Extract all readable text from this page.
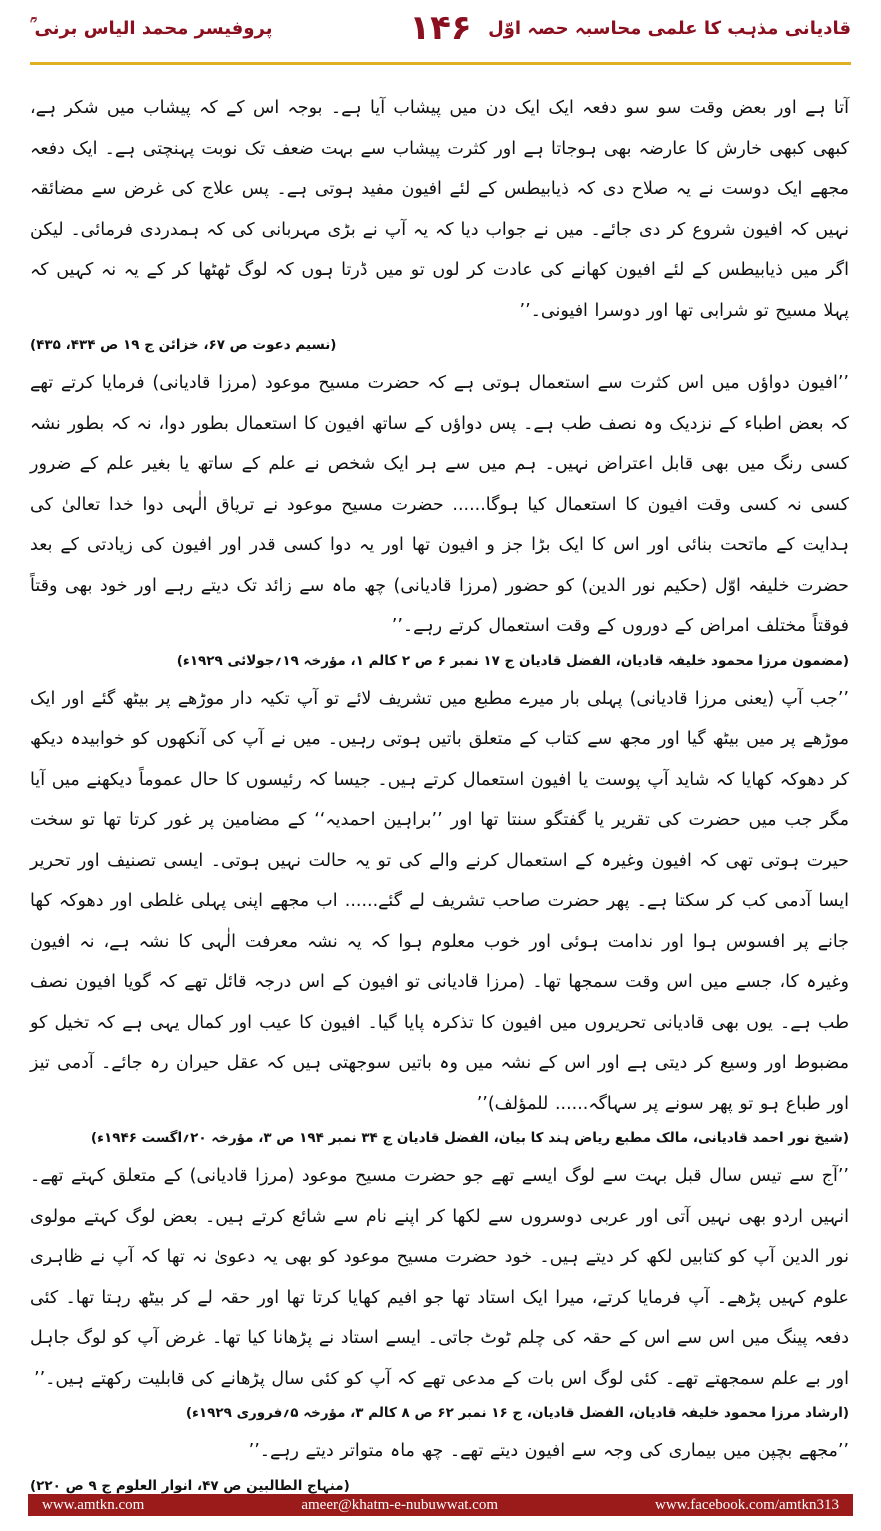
قادیانی مذہب کا علمی محاسبہ حصہ اوّل
۱۴۶
پروفیسر محمد الیاس برنی ؒ

آتا ہے اور بعض وقت سو سو دفعہ ایک ایک دن میں پیشاب آیا ہے۔ بوجہ اس کے کہ پیشاب میں شکر ہے، کبھی کبھی خارش کا عارضہ بھی ہوجاتا ہے اور کثرت پیشاب سے بہت ضعف تک نوبت پہنچتی ہے۔ ایک دفعہ مجھے ایک دوست نے یہ صلاح دی کہ ذیابیطس کے لئے افیون مفید ہوتی ہے۔ پس علاج کی غرض سے مضائقہ نہیں کہ افیون شروع کر دی جائے۔ میں نے جواب دیا کہ یہ آپ نے بڑی مہربانی کی کہ ہمدردی فرمائی۔ لیکن اگر میں ذیابیطس کے لئے افیون کھانے کی عادت کر لوں تو میں ڈرتا ہوں کہ لوگ ٹھٹھا کر کے یہ نہ کہیں کہ پہلا مسیح تو شرابی تھا اور دوسرا افیونی۔’’

(نسیم دعوت ص ۶۷، خزائن ج ۱۹ ص ۴۳۴، ۴۳۵)

’’افیون دواؤں میں اس کثرت سے استعمال ہوتی ہے کہ حضرت مسیح موعود (مرزا قادیانی) فرمایا کرتے تھے کہ بعض اطباء کے نزدیک وہ نصف طب ہے۔ پس دواؤں کے ساتھ افیون کا استعمال بطور دوا، نہ کہ بطور نشہ کسی رنگ میں بھی قابل اعتراض نہیں۔ ہم میں سے ہر ایک شخص نے علم کے ساتھ یا بغیر علم کے ضرور کسی نہ کسی وقت افیون کا استعمال کیا ہوگا...... حضرت مسیح موعود نے تریاق الٰہی دوا خدا تعالیٰ کی ہدایت کے ماتحت بنائی اور اس کا ایک بڑا جز و افیون تھا اور یہ دوا کسی قدر اور افیون کی زیادتی کے بعد حضرت خلیفہ اوّل (حکیم نور الدین) کو حضور (مرزا قادیانی) چھ ماہ سے زائد تک دیتے رہے اور خود بھی وقتاً فوقتاً مختلف امراض کے دوروں کے وقت استعمال کرتے رہے۔’’

(مضمون مرزا محمود خلیفہ قادیان، الفضل قادیان ج ۱۷ نمبر ۶ ص ۲ کالم ۱، مؤرخہ ۱۹؍جولائی ۱۹۲۹ء)

’’جب آپ (یعنی مرزا قادیانی) پہلی بار میرے مطبع میں تشریف لائے تو آپ تکیہ دار موڑھے پر بیٹھ گئے اور ایک موڑھے پر میں بیٹھ گیا اور مجھ سے کتاب کے متعلق باتیں ہوتی رہیں۔ میں نے آپ کی آنکھوں کو خوابیدہ دیکھ کر دھوکہ کھایا کہ شاید آپ پوست یا افیون استعمال کرتے ہیں۔ جیسا کہ رئیسوں کا حال عموماً دیکھنے میں آیا مگر جب میں حضرت کی تقریر یا گفتگو سنتا تھا اور ’’براہین احمدیہ‘‘ کے مضامین پر غور کرتا تھا تو سخت حیرت ہوتی تھی کہ افیون وغیرہ کے استعمال کرنے والے کی تو یہ حالت نہیں ہوتی۔ ایسی تصنیف اور تحریر ایسا آدمی کب کر سکتا ہے۔ پھر حضرت صاحب تشریف لے گئے...... اب مجھے اپنی پہلی غلطی اور دھوکہ کھا جانے پر افسوس ہوا اور ندامت ہوئی اور خوب معلوم ہوا کہ یہ نشہ معرفت الٰہی کا نشہ ہے، نہ افیون وغیرہ کا، جسے میں اس وقت سمجھا تھا۔ (مرزا قادیانی تو افیون کے اس درجہ قائل تھے کہ گویا افیون نصف طب ہے۔ یوں بھی قادیانی تحریروں میں افیون کا تذکرہ پایا گیا۔ افیون کا عیب اور کمال یہی ہے کہ تخیل کو مضبوط اور وسیع کر دیتی ہے اور اس کے نشہ میں وہ باتیں سوجھتی ہیں کہ عقل حیران رہ جائے۔ آدمی تیز اور طباع ہو تو پھر سونے پر سہاگہ...... للمؤلف)’’

(شیخ نور احمد قادیانی، مالک مطبع ریاض ہند کا بیان، الفضل قادیان ج ۳۴ نمبر ۱۹۴ ص ۳، مؤرخہ ۲۰؍اگست ۱۹۴۶ء)

’’آج سے تیس سال قبل بہت سے لوگ ایسے تھے جو حضرت مسیح موعود (مرزا قادیانی) کے متعلق کہتے تھے۔ انہیں اردو بھی نہیں آتی اور عربی دوسروں سے لکھا کر اپنے نام سے شائع کرتے ہیں۔ بعض لوگ کہتے مولوی نور الدین آپ کو کتابیں لکھ کر دیتے ہیں۔ خود حضرت مسیح موعود کو بھی یہ دعویٰ نہ تھا کہ آپ نے ظاہری علوم کہیں پڑھے۔ آپ فرمایا کرتے، میرا ایک استاد تھا جو افیم کھایا کرتا تھا اور حقہ لے کر بیٹھ رہتا تھا۔ کئی دفعہ پینگ میں اس سے اس کے حقہ کی چلم ٹوٹ جاتی۔ ایسے استاد نے پڑھانا کیا تھا۔ غرض آپ کو لوگ جاہل اور بے علم سمجھتے تھے۔ کئی لوگ اس بات کے مدعی تھے کہ آپ کو کئی سال پڑھانے کی قابلیت رکھتے ہیں۔’’

(ارشاد مرزا محمود خلیفہ قادیان، الفضل قادیان، ج ۱۶ نمبر ۶۲ ص ۸ کالم ۳، مؤرخہ ۵؍فروری ۱۹۲۹ء)

’’مجھے بچپن میں بیماری کی وجہ سے افیون دیتے تھے۔ چھ ماہ متواتر دیتے رہے۔’’

(منہاج الطالبین ص ۴۷، انوار العلوم ج ۹ ص ۲۲۰)

www.amtkn.com	ameer@khatm-e-nubuwwat.com	www.facebook.com/amtkn313
